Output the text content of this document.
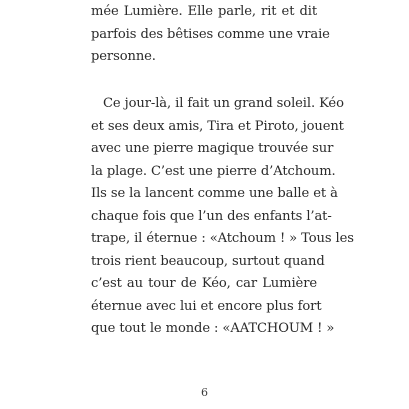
mée Lumière. Elle parle, rit et dit
parfois des bêtises comme une vraie
personne.
Ce jour-là, il fait un grand soleil. Kéo
et ses deux amis, Tira et Piroto, jouent
avec une pierre magique trouvée sur
la plage. C’est une pierre d’Atchoum.
Ils se la lancent comme une balle et à
chaque fois que l’un des enfants l’at-
trape, il éternue : «Atchoum ! » Tous les
trois rient beaucoup, surtout quand
c’est au tour de Kéo, car Lumière
éternue avec lui et encore plus fort
que tout le monde : «AATCHOUM ! »
6
